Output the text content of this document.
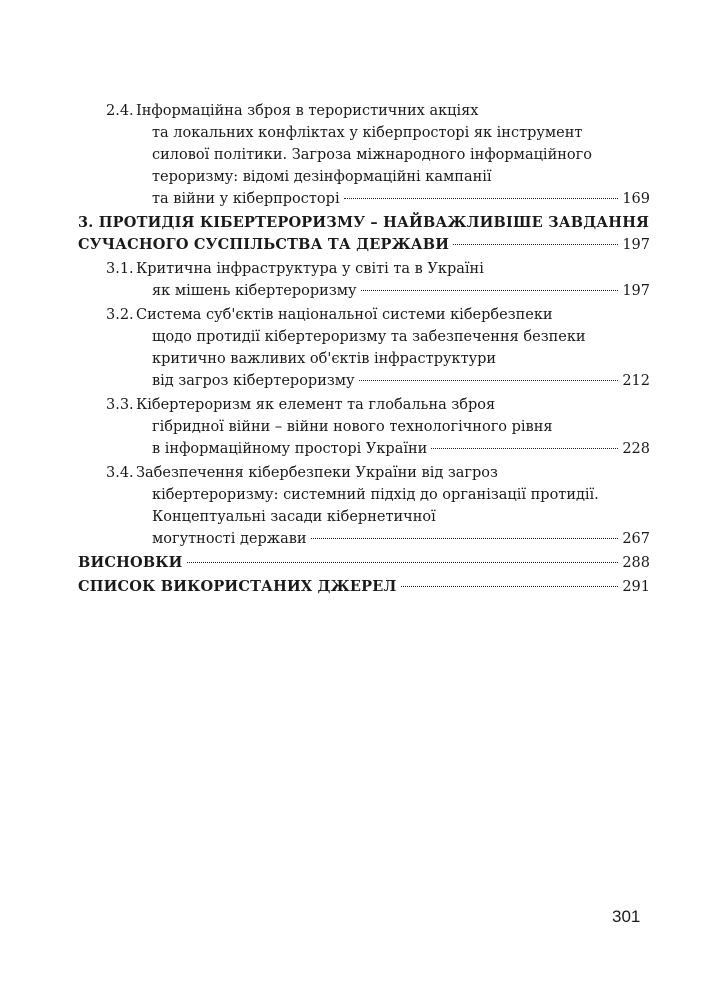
2.4. Інформаційна зброя в терористичних акціях
та локальних конфліктах у кіберпросторі як інструмент
силової політики. Загроза міжнародного інформаційного
тероризму: відомі дезінформаційні кампанії
та війни у кіберпросторі	169
3. ПРОТИДІЯ КІБЕРТЕРОРИЗМУ – НАЙВАЖЛИВІШЕ ЗАВДАННЯ
СУЧАСНОГО СУСПІЛЬСТВА ТА ДЕРЖАВИ	197
3.1. Критична інфраструктура у світі та в Україні
як мішень кібертероризму	197
3.2. Система суб'єктів національної системи кібербезпеки
щодо протидії кібертероризму та забезпечення безпеки
критично важливих об'єктів інфраструктури
від загроз кібертероризму	212
3.3. Кібертероризм як елемент та глобальна зброя
гібридної війни – війни нового технологічного рівня
в інформаційному просторі України	228
3.4. Забезпечення кібербезпеки України від загроз
кібертероризму: системний підхід до організації протидії.
Концептуальні засади кібернетичної
могутності держави	267
ВИСНОВКИ	288
СПИСОК ВИКОРИСТАНИХ ДЖЕРЕЛ	291
301
